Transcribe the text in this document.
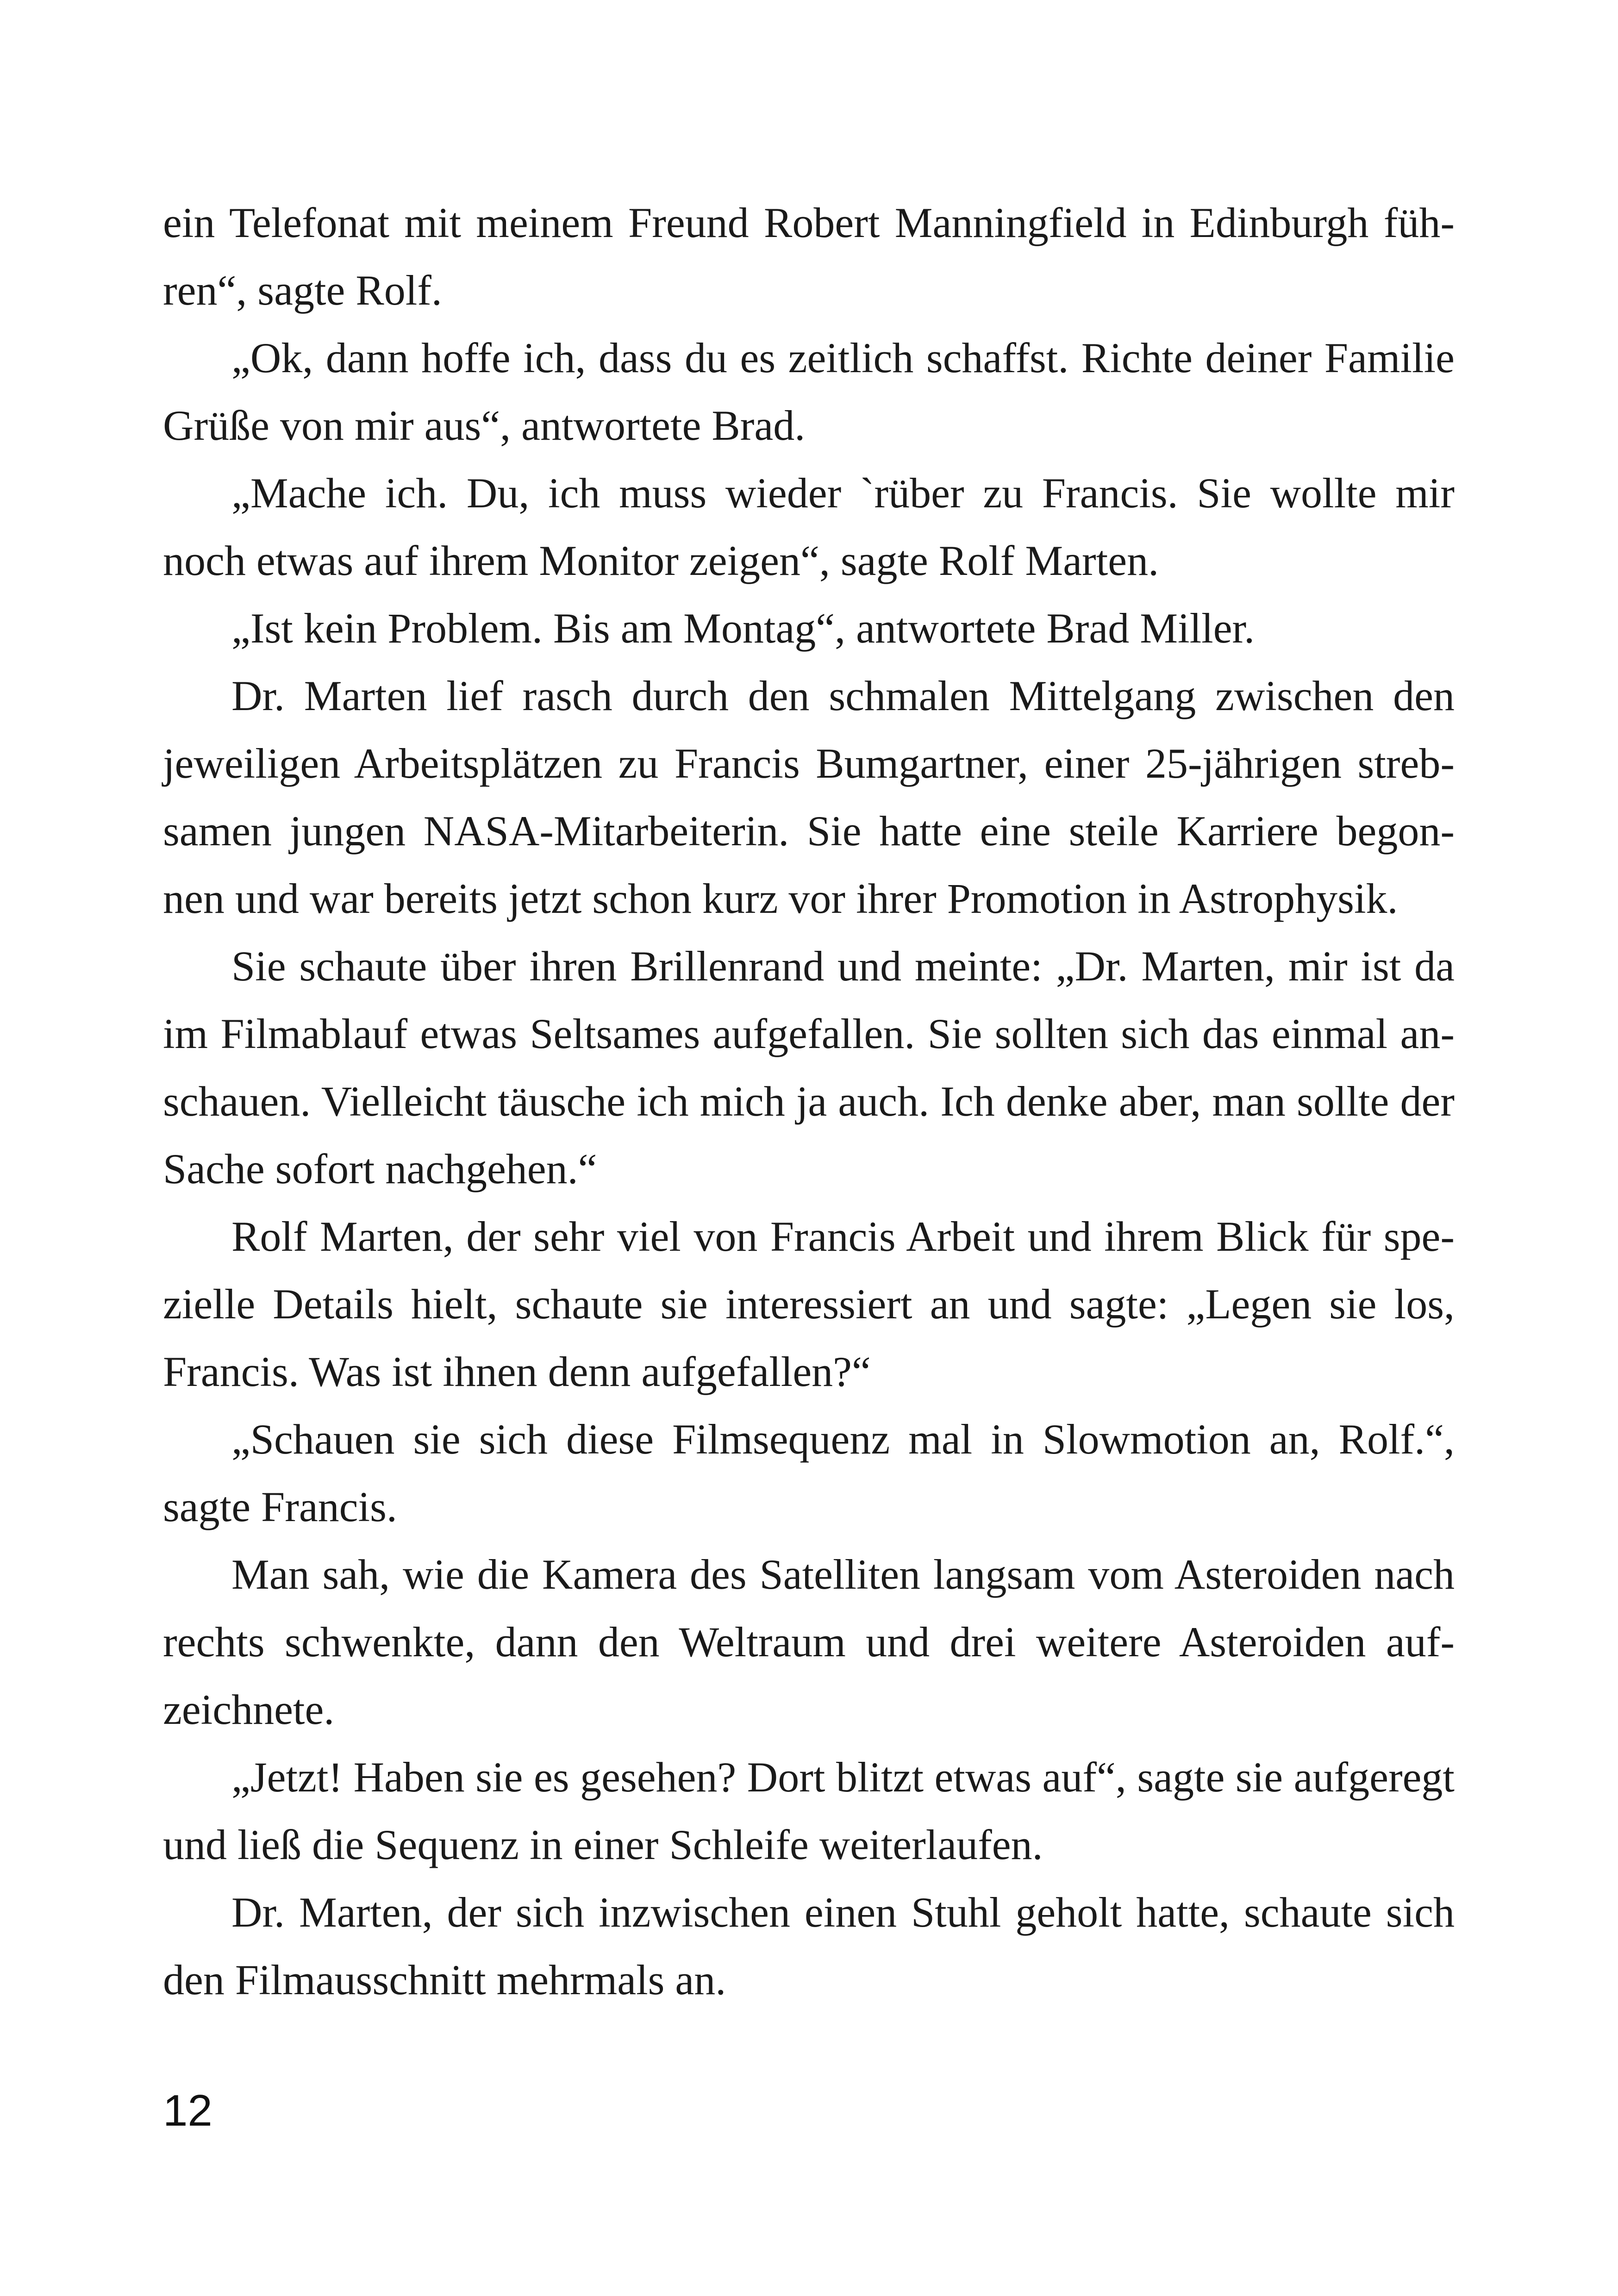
ein Telefonat mit meinem Freund Robert Manningfield in Edinburgh füh-ren“, sagte Rolf.

„Ok, dann hoffe ich, dass du es zeitlich schaffst. Richte deiner Familie Grüße von mir aus“, antwortete Brad.

„Mache ich. Du, ich muss wieder `rüber zu Francis. Sie wollte mir noch etwas auf ihrem Monitor zeigen“, sagte Rolf Marten.

„Ist kein Problem. Bis am Montag“, antwortete Brad Miller.

Dr. Marten lief rasch durch den schmalen Mittelgang zwischen den jeweiligen Arbeitsplätzen zu Francis Bumgartner, einer 25-jährigen streb-samen jungen NASA-Mitarbeiterin. Sie hatte eine steile Karriere begon-nen und war bereits jetzt schon kurz vor ihrer Promotion in Astrophysik.

Sie schaute über ihren Brillenrand und meinte: „Dr. Marten, mir ist da im Filmablauf etwas Seltsames aufgefallen. Sie sollten sich das einmal an-schauen. Vielleicht täusche ich mich ja auch. Ich denke aber, man sollte der Sache sofort nachgehen.“

Rolf Marten, der sehr viel von Francis Arbeit und ihrem Blick für spe-zielle Details hielt, schaute sie interessiert an und sagte: „Legen sie los, Francis. Was ist ihnen denn aufgefallen?“

„Schauen sie sich diese Filmsequenz mal in Slowmotion an, Rolf.“, sagte Francis.

Man sah, wie die Kamera des Satelliten langsam vom Asteroiden nach rechts schwenkte, dann den Weltraum und drei weitere Asteroiden auf-zeichnete.

„Jetzt! Haben sie es gesehen? Dort blitzt etwas auf“, sagte sie aufgeregt und ließ die Sequenz in einer Schleife weiterlaufen.

Dr. Marten, der sich inzwischen einen Stuhl geholt hatte, schaute sich den Filmausschnitt mehrmals an.

12
